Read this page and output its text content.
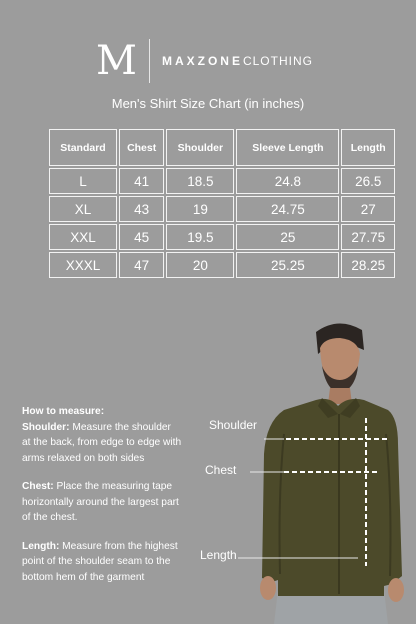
M MAXZONECLOTHING
Men's Shirt Size Chart (in inches)
Standard	Chest	Shoulder	Sleeve Length	Length
L	41	18.5	24.8	26.5
XL	43	19	24.75	27
XXL	45	19.5	25	27.75
XXXL	47	20	25.25	28.25

How to measure:

Shoulder: Measure the shoulder at the back, from edge to edge with arms relaxed on both sides

Chest: Place the measuring tape horizontally around the largest part of the chest.

Length: Measure from the highest point of the shoulder seam to the bottom hem of the garment

Shoulder
Chest
Length
